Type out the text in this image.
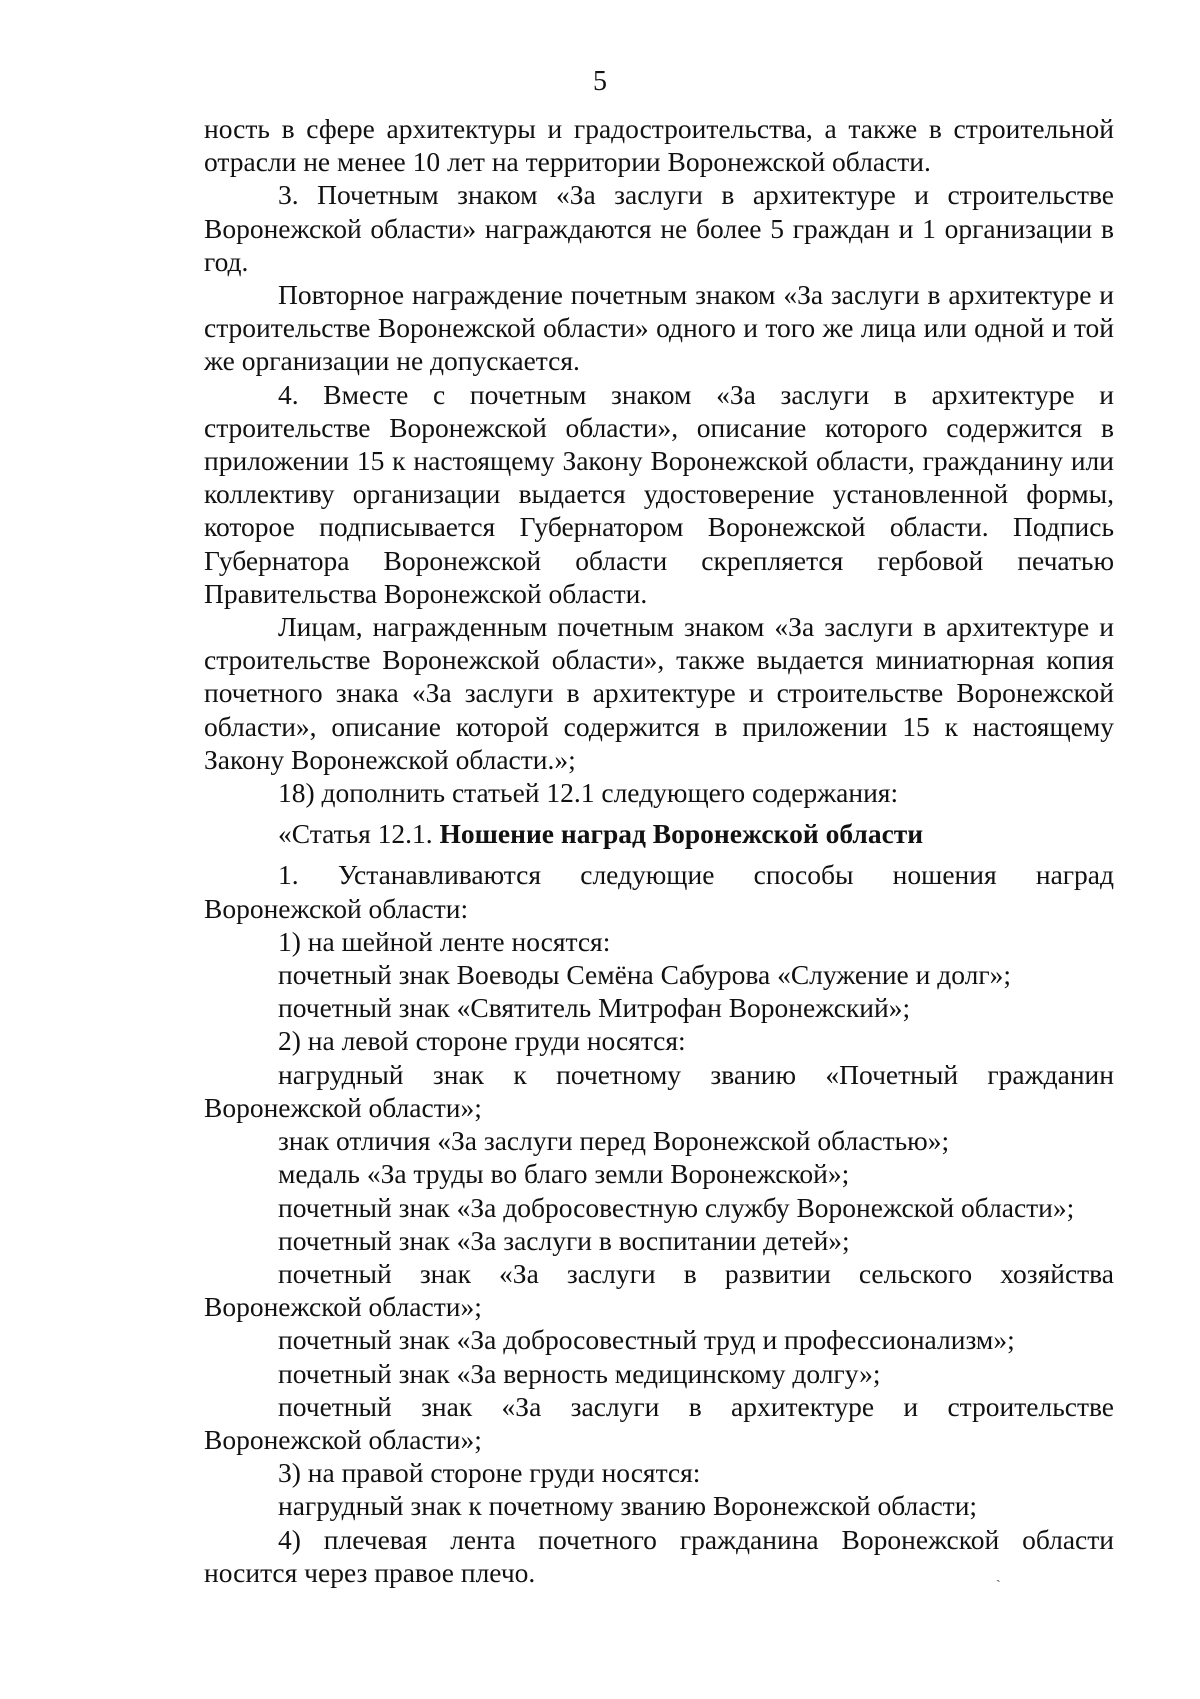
5

ность в сфере архитектуры и градостроительства, а также в строительной отрасли не менее 10 лет на территории Воронежской области.

3. Почетным знаком «За заслуги в архитектуре и строительстве Воронежской области» награждаются не более 5 граждан и 1 организации в год.

Повторное награждение почетным знаком «За заслуги в архитектуре и строительстве Воронежской области» одного и того же лица или одной и той же организации не допускается.

4. Вместе с почетным знаком «За заслуги в архитектуре и строительстве Воронежской области», описание которого содержится в приложении 15 к настоящему Закону Воронежской области, гражданину или коллективу организации выдается удостоверение установленной формы, которое подписывается Губернатором Воронежской области. Подпись Губернатора Воронежской области скрепляется гербовой печатью Правительства Воронежской области.

Лицам, награжденным почетным знаком «За заслуги в архитектуре и строительстве Воронежской области», также выдается миниатюрная копия почетного знака «За заслуги в архитектуре и строительстве Воронежской области», описание которой содержится в приложении 15 к настоящему Закону Воронежской области.»;

18) дополнить статьей 12.1 следующего содержания:

«Статья 12.1. Ношение наград Воронежской области

1. Устанавливаются следующие способы ношения наград Воронежской области:

1) на шейной ленте носятся:

почетный знак Воеводы Семёна Сабурова «Служение и долг»;

почетный знак «Святитель Митрофан Воронежский»;

2) на левой стороне груди носятся:

нагрудный знак к почетному званию «Почетный гражданин Воронежской области»;

знак отличия «За заслуги перед Воронежской областью»;

медаль «За труды во благо земли Воронежской»;

почетный знак «За добросовестную службу Воронежской области»;

почетный знак «За заслуги в воспитании детей»;

почетный знак «За заслуги в развитии сельского хозяйства Воронежской области»;

почетный знак «За добросовестный труд и профессионализм»;

почетный знак «За верность медицинскому долгу»;

почетный знак «За заслуги в архитектуре и строительстве Воронежской области»;

3) на правой стороне груди носятся:

нагрудный знак к почетному званию Воронежской области;

4) плечевая лента почетного гражданина Воронежской области носится через правое плечо.	ˎ
